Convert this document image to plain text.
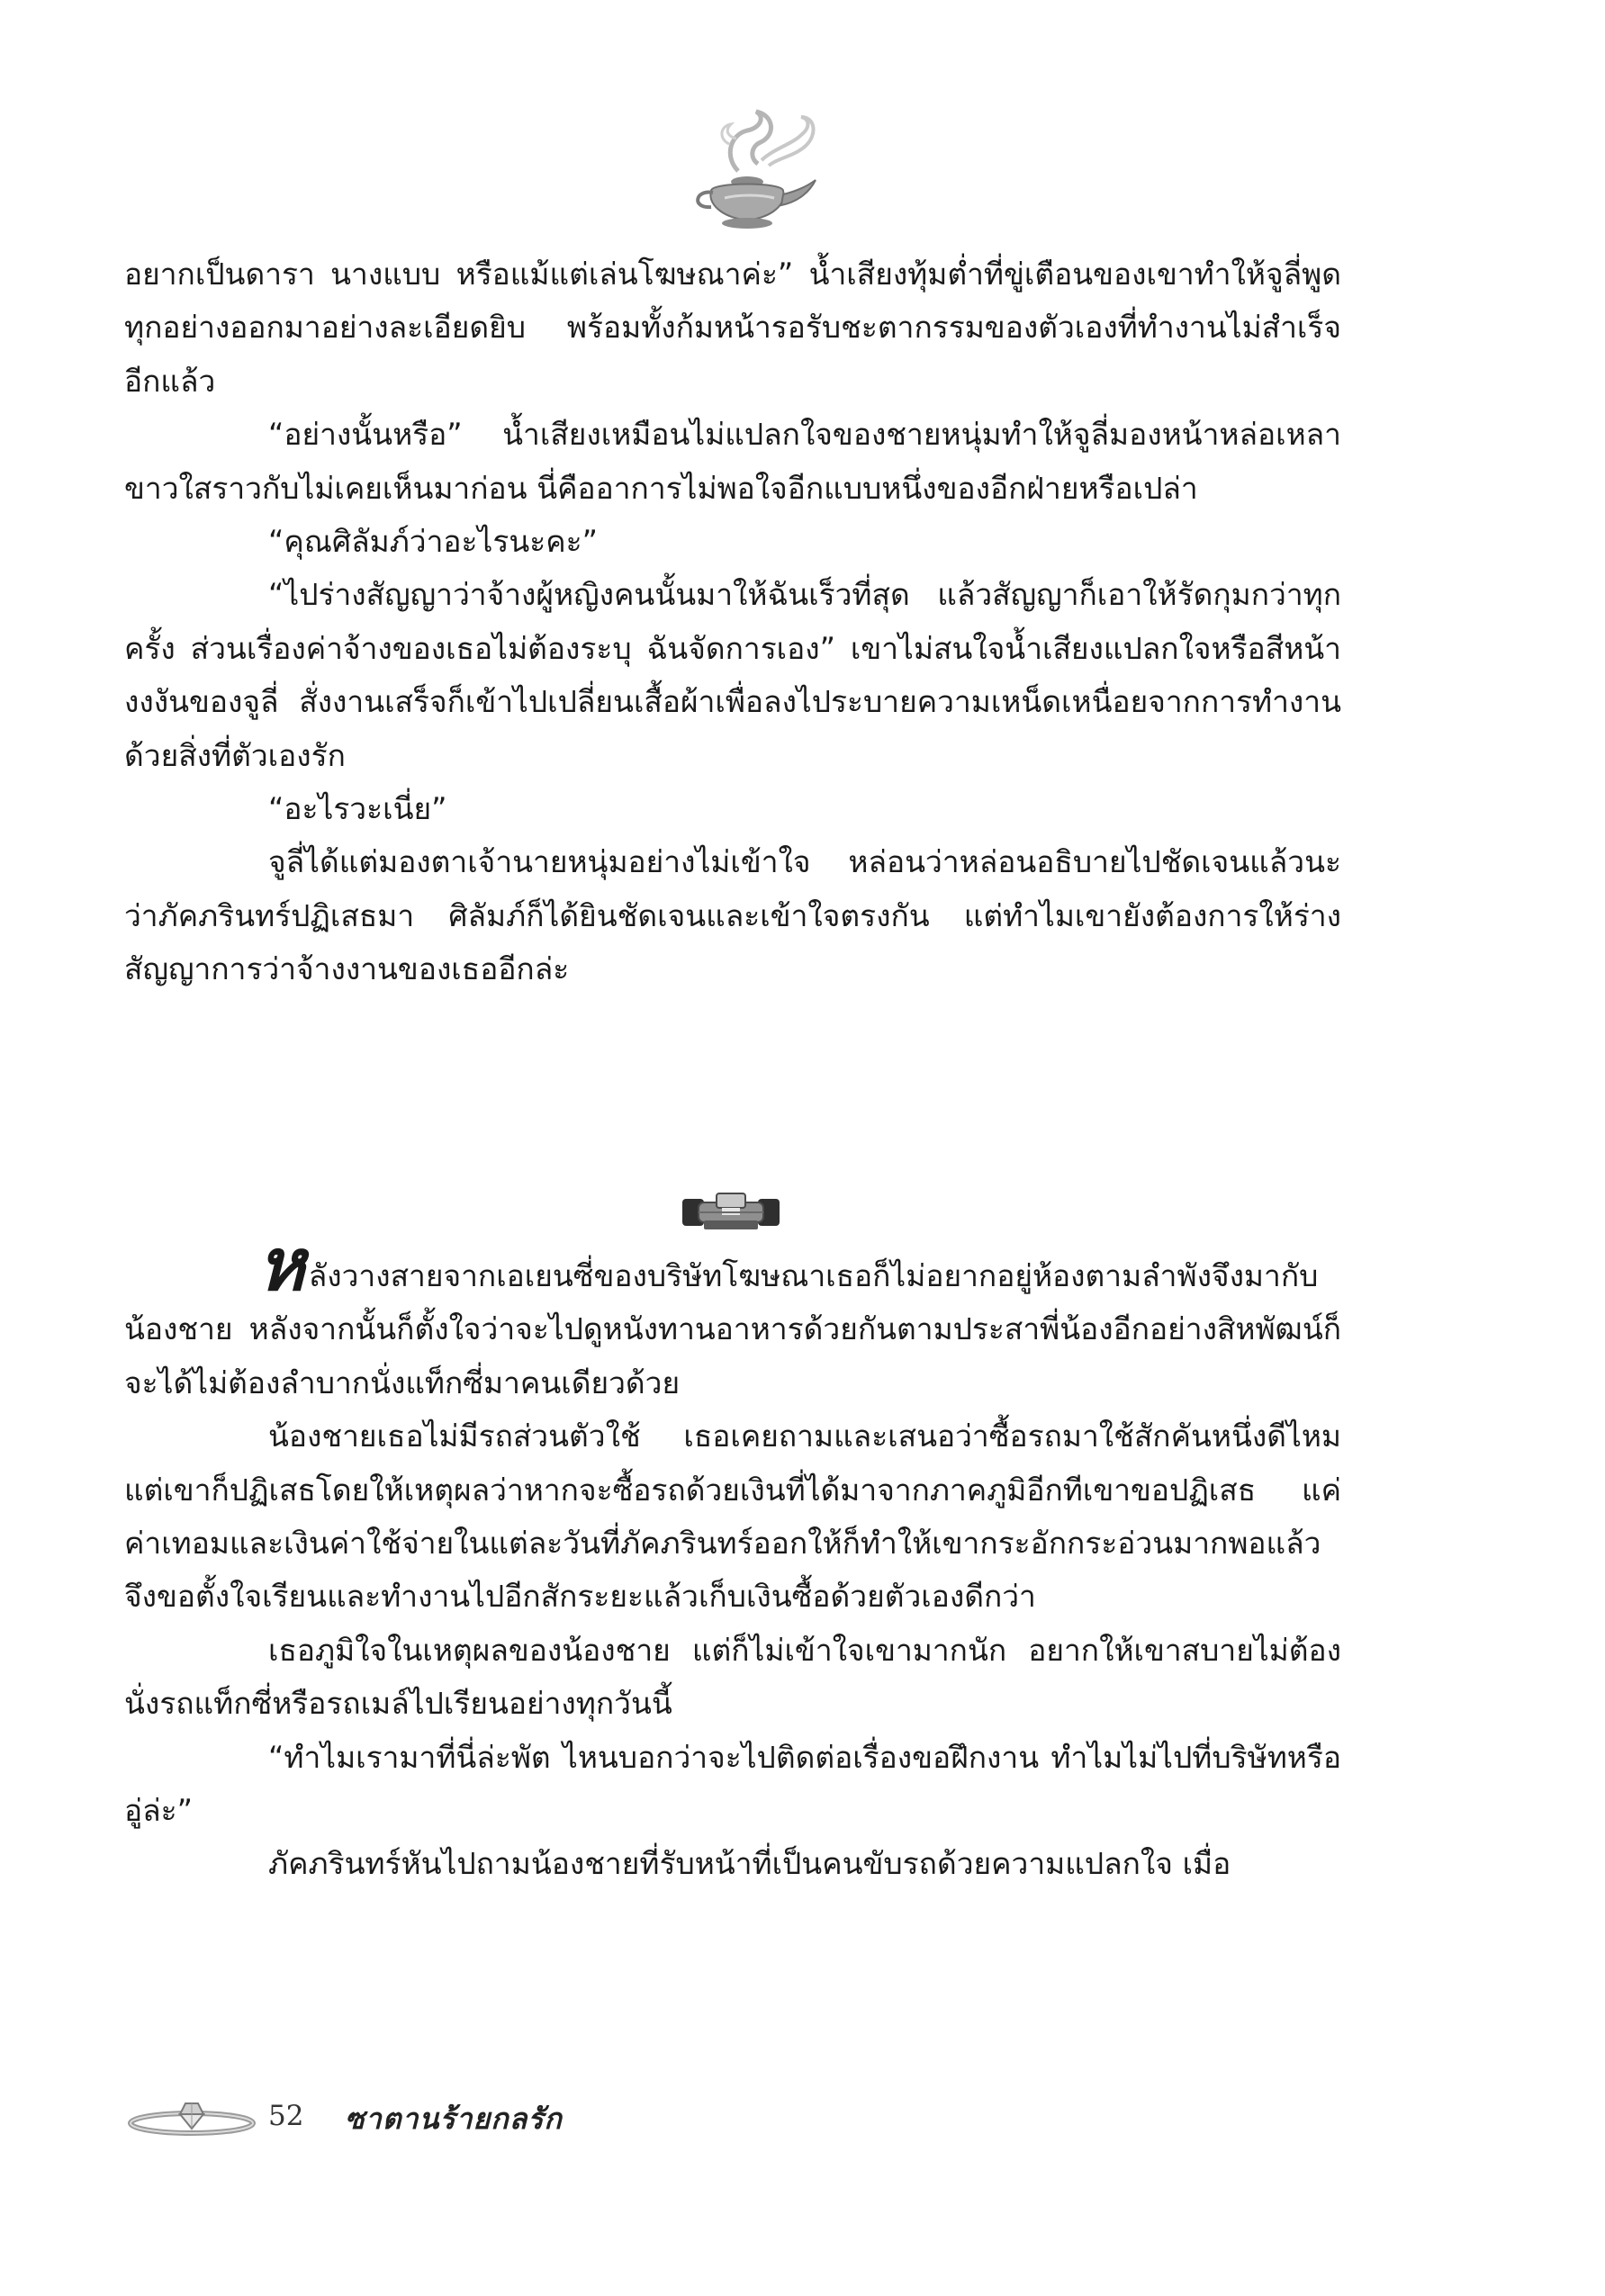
อยากเป็นดารา นางแบบ หรือแม้แต่เล่นโฆษณาค่ะ” น้ำเสียงทุ้มต่ำที่ขู่เตือนของเขาทำให้จูลี่พูดทุกอย่างออกมาอย่างละเอียดยิบ พร้อมทั้งก้มหน้ารอรับชะตากรรมของตัวเองที่ทำงานไม่สำเร็จอีกแล้ว

“อย่างนั้นหรือ” น้ำเสียงเหมือนไม่แปลกใจของชายหนุ่มทำให้จูลี่มองหน้าหล่อเหลาขาวใสราวกับไม่เคยเห็นมาก่อน นี่คืออาการไม่พอใจอีกแบบหนึ่งของอีกฝ่ายหรือเปล่า

“คุณศิลัมภ์ว่าอะไรนะคะ”

“ไปร่างสัญญาว่าจ้างผู้หญิงคนนั้นมาให้ฉันเร็วที่สุด แล้วสัญญาก็เอาให้รัดกุมกว่าทุกครั้ง ส่วนเรื่องค่าจ้างของเธอไม่ต้องระบุ ฉันจัดการเอง” เขาไม่สนใจน้ำเสียงแปลกใจหรือสีหน้างงงันของจูลี่ สั่งงานเสร็จก็เข้าไปเปลี่ยนเสื้อผ้าเพื่อลงไประบายความเหน็ดเหนื่อยจากการทำงานด้วยสิ่งที่ตัวเองรัก

“อะไรวะเนี่ย”

จูลี่ได้แต่มองตาเจ้านายหนุ่มอย่างไม่เข้าใจ หล่อนว่าหล่อนอธิบายไปชัดเจนแล้วนะว่าภัคภรินทร์ปฏิเสธมา ศิลัมภ์ก็ได้ยินชัดเจนและเข้าใจตรงกัน แต่ทำไมเขายังต้องการให้ร่างสัญญาการว่าจ้างงานของเธออีกล่ะ

หลังวางสายจากเอเยนซี่ของบริษัทโฆษณาเธอก็ไม่อยากอยู่ห้องตามลำพังจึงมากับน้องชาย หลังจากนั้นก็ตั้งใจว่าจะไปดูหนังทานอาหารด้วยกันตามประสาพี่น้องอีกอย่างสิหพัฒน์ก็จะได้ไม่ต้องลำบากนั่งแท็กซี่มาคนเดียวด้วย

น้องชายเธอไม่มีรถส่วนตัวใช้ เธอเคยถามและเสนอว่าซื้อรถมาใช้สักคันหนึ่งดีไหม แต่เขาก็ปฏิเสธโดยให้เหตุผลว่าหากจะซื้อรถด้วยเงินที่ได้มาจากภาคภูมิอีกทีเขาขอปฏิเสธ แค่ค่าเทอมและเงินค่าใช้จ่ายในแต่ละวันที่ภัคภรินทร์ออกให้ก็ทำให้เขากระอักกระอ่วนมากพอแล้ว จึงขอตั้งใจเรียนและทำงานไปอีกสักระยะแล้วเก็บเงินซื้อด้วยตัวเองดีกว่า

เธอภูมิใจในเหตุผลของน้องชาย แต่ก็ไม่เข้าใจเขามากนัก อยากให้เขาสบายไม่ต้องนั่งรถแท็กซี่หรือรถเมล์ไปเรียนอย่างทุกวันนี้

“ทำไมเรามาที่นี่ล่ะพัต ไหนบอกว่าจะไปติดต่อเรื่องขอฝึกงาน ทำไมไม่ไปที่บริษัทหรืออู่ล่ะ”

ภัคภรินทร์หันไปถามน้องชายที่รับหน้าที่เป็นคนขับรถด้วยความแปลกใจ เมื่อ

52 ซาตานร้ายกลรัก
